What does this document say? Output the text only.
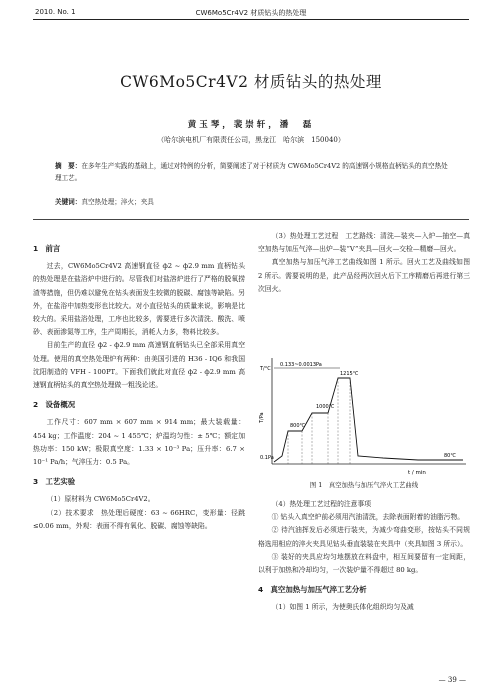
2010. No. 1	CW6Mo5Cr4V2 材质钻头的热处理
CW6Mo5Cr4V2 材质钻头的热处理
黄玉琴，裴崇轩，潘　磊
（哈尔滨电机厂有限责任公司，黑龙江　哈尔滨　150040）
摘　要：在多年生产实践的基础上，通过对特例的分析，简要阐述了对于材质为 CW6Mo5Cr4V2 的高速钢小规格直柄钻头的真空热处理工艺。
关键词：真空热处理；淬火；夹具
1　前言

过去，CW6Mo5Cr4V2 高速钢直径 ф2 ~ ф2.9 mm 直柄钻头的热处理是在盐浴炉中进行的。尽管我们对盐溶炉进行了严格的脱氧捞渣等措施，但仍难以避免在钻头表面发生较微的脱碳、腐蚀等缺陷。另外，在盐浴中加热变形也比较大。对小直径钻头的质量来说，影响是比较大的。采用盐浴处理，工序也比较多，需要进行多次清洗、酸洗、喷砂、表面渗氮等工序，生产周期长，消耗人力多，物料比较多。

目前生产的直径 ф2 - ф2.9 mm 高速钢直柄钻头已全部采用真空处理。使用的真空热处理炉有两种：由美国引进的 H36 - IQ6 和我国沈阳制造的 VFH - 100PT。下面我们就此对直径 ф2 - ф2.9 mm 高速钢直柄钻头的真空热处理做一粗浅论述。

2　设备概况

工作尺寸：607 mm × 607 mm × 914 mm；最大装载量：454 kg；工作温度：204 ~ 1 455℃；炉温均匀性：± 5℃；额定加热功率：150 kW；极限真空度：1.33 × 10⁻³ Pa；压升率：6.7 × 10⁻¹ Pa/h；气淬压力：0.5 Pa。

3　工艺实验

（1）原材料为 CW6Mo5Cr4V2。

（2）技术要求　热处理后硬度：63 ~ 66HRC，变形量：径跳 ≤0.06 mm，外观：表面不得有氧化、脱碳、腐蚀等缺陷。

（3）热处理工艺过程　工艺路线：清洗—装夹—入炉—抽空—真空加热与加压气淬—出炉—装“V”夹具—回火—交检—精磨—回火。

真空加热与加压气淬工艺曲线如图 1 所示。回火工艺及曲线如图 2 所示。需要说明的是，此产品经两次回火后下工序精磨后再进行第三次回火。

T/°C
T/Pa
t / min
0.1Pa
0.133~0.0013Pa
1000℃
800℃
1215℃
80℃
图 1　真空加热与加压气淬火工艺曲线

（4）热处理工艺过程的注意事项

① 钻头入真空炉前必须用汽油清洗，去除表面附着的油脂污物。

② 待汽油挥发后必须进行装夹，为减少弯曲变形，按钻头不同规格选用相应的淬火夹具见钻头垂直装装在夹具中（夹具如图 3 所示）。

③ 装好的夹具应均匀地摆放在料盘中，相互间要留有一定间距，以利于加热和冷却均匀，一次装炉量不得超过 80 kg。

4　真空加热与加压气淬工艺分析

（1）如图 1 所示，为使奥氏体化组织均匀及减

— 39 —
